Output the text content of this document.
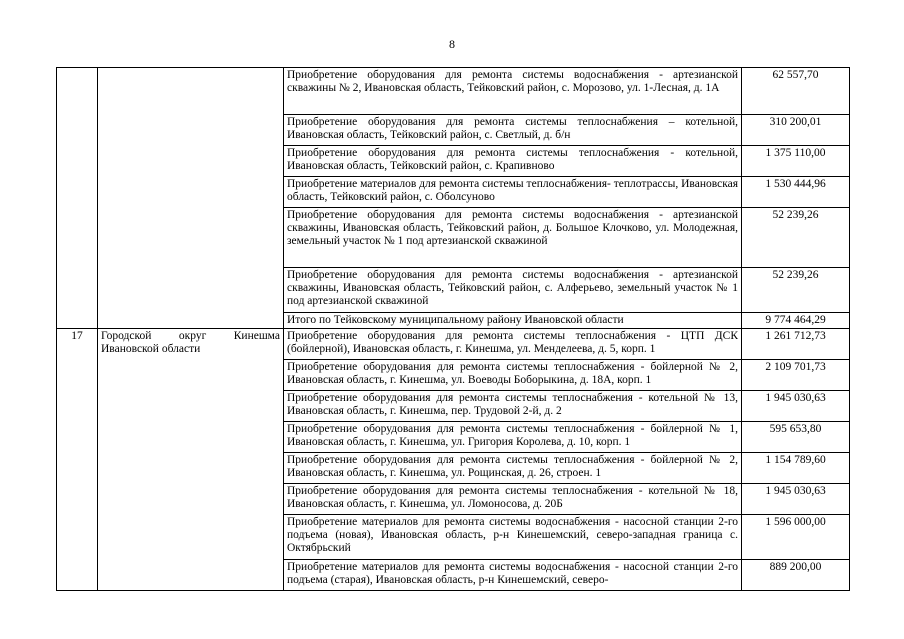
8
		Приобретение оборудования для ремонта системы водоснабжения - артезианской скважины № 2, Ивановская область, Тейковский район, с. Морозово, ул. 1-Лесная, д. 1А	62 557,70
		Приобретение оборудования для ремонта системы теплоснабжения – котельной, Ивановская область, Тейковский район, с. Светлый, д. б/н	310 200,01
		Приобретение оборудования для ремонта системы теплоснабжения - котельной, Ивановская область, Тейковский район, с. Крапивново	1 375 110,00
		Приобретение материалов для ремонта системы теплоснабжения- теплотрассы, Ивановская область, Тейковский район, с. Оболсуново	1 530 444,96
		Приобретение оборудования для ремонта системы водоснабжения - артезианской скважины, Ивановская область, Тейковский район, д. Большое Клочково, ул. Молодежная, земельный участок № 1 под артезианской скважиной	52 239,26
		Приобретение оборудования для ремонта системы водоснабжения - артезианской скважины, Ивановская область, Тейковский район, с. Алферьево, земельный участок № 1 под артезианской скважиной	52 239,26
		Итого по Тейковскому муниципальному району Ивановской области	9 774 464,29
17	Городской округ Кинешма Ивановской области	Приобретение оборудования для ремонта системы теплоснабжения - ЦТП ДСК (бойлерной), Ивановская область, г. Кинешма, ул. Менделеева, д. 5, корп. 1	1 261 712,73
		Приобретение оборудования для ремонта системы теплоснабжения - бойлерной № 2, Ивановская область, г. Кинешма, ул. Воеводы Боборыкина, д. 18А, корп. 1	2 109 701,73
		Приобретение оборудования для ремонта системы теплоснабжения - котельной № 13, Ивановская область, г. Кинешма, пер. Трудовой 2-й, д. 2	1 945 030,63
		Приобретение оборудования для ремонта системы теплоснабжения - бойлерной № 1, Ивановская область, г. Кинешма, ул. Григория Королева, д. 10, корп. 1	595 653,80
		Приобретение оборудования для ремонта системы теплоснабжения - бойлерной № 2, Ивановская область, г. Кинешма, ул. Рощинская, д. 26, строен. 1	1 154 789,60
		Приобретение оборудования для ремонта системы теплоснабжения - котельной № 18, Ивановская область, г. Кинешма, ул. Ломоносова, д. 20Б	1 945 030,63
		Приобретение материалов для ремонта системы водоснабжения - насосной станции 2-го подъема (новая), Ивановская область, р-н Кинешемский, северо-западная граница с. Октябрьский	1 596 000,00
		Приобретение материалов для ремонта системы водоснабжения - насосной станции 2-го подъема (старая), Ивановская область, р-н Кинешемский, северо-	889 200,00
